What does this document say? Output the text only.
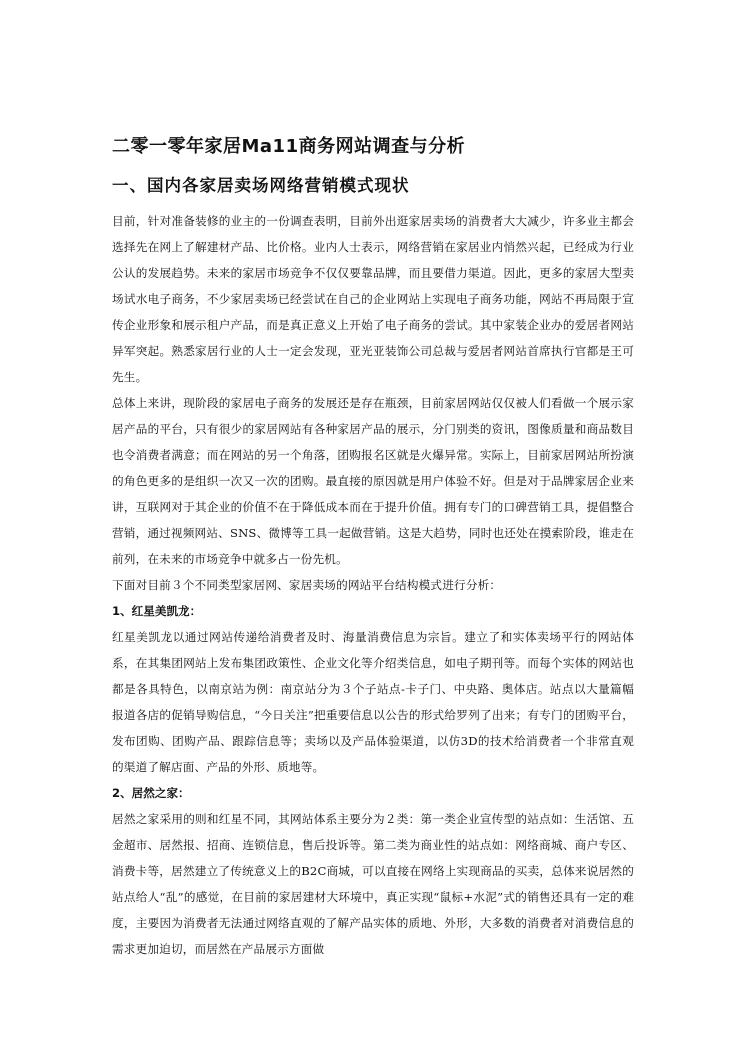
二零一零年家居Ma11商务网站调查与分析
一、国内各家居卖场网络营销模式现状

目前，针对准备装修的业主的一份调查表明，目前外出逛家居卖场的消费者大大减少，许多业主都会选择先在网上了解建材产品、比价格。业内人士表示，网络营销在家居业内悄然兴起，已经成为行业公认的发展趋势。未来的家居市场竞争不仅仅要靠品牌，而且要借力渠道。因此，更多的家居大型卖场试水电子商务，不少家居卖场已经尝试在自己的企业网站上实现电子商务功能，网站不再局限于宣传企业形象和展示租户产品，而是真正意义上开始了电子商务的尝试。其中家装企业办的爱居者网站异军突起。熟悉家居行业的人士一定会发现，亚光亚装饰公司总裁与爱居者网站首席执行官都是王可先生。

总体上来讲，现阶段的家居电子商务的发展还是存在瓶颈，目前家居网站仅仅被人们看做一个展示家居产品的平台，只有很少的家居网站有各种家居产品的展示，分门别类的资讯，图像质量和商品数目也令消费者满意；而在网站的另一个角落，团购报名区就是火爆异常。实际上，目前家居网站所扮演的角色更多的是组织一次又一次的团购。最直接的原因就是用户体验不好。但是对于品牌家居企业来讲，互联网对于其企业的价值不在于降低成本而在于提升价值。拥有专门的口碑营销工具，提倡整合营销，通过视频网站、SNS、微博等工具一起做营销。这是大趋势，同时也还处在摸索阶段，谁走在前列，在未来的市场竞争中就多占一份先机。

下面对目前３个不同类型家居网、家居卖场的网站平台结构模式进行分析：

1、红星美凯龙：

红星美凯龙以通过网站传递给消费者及时、海量消费信息为宗旨。建立了和实体卖场平行的网站体系，在其集团网站上发布集团政策性、企业文化等介绍类信息，如电子期刊等。而每个实体的网站也都是各具特色，以南京站为例：南京站分为３个子站点-卡子门、中央路、奥体店。站点以大量篇幅报道各店的促销导购信息，“今日关注”把重要信息以公告的形式给罗列了出来；有专门的团购平台，发布团购、团购产品、跟踪信息等；卖场以及产品体验渠道，以仿3D的技术给消费者一个非常直观的渠道了解店面、产品的外形、质地等。

2、居然之家：

居然之家采用的则和红星不同，其网站体系主要分为２类：第一类企业宣传型的站点如：生活馆、五金超市、居然报、招商、连锁信息，售后投诉等。第二类为商业性的站点如：网络商城、商户专区、消费卡等，居然建立了传统意义上的B2C商城，可以直接在网络上实现商品的买卖，总体来说居然的站点给人“乱”的感觉，在目前的家居建材大环境中，真正实现“鼠标+水泥”式的销售还具有一定的难度，主要因为消费者无法通过网络直观的了解产品实体的质地、外形，大多数的消费者对消费信息的需求更加迫切，而居然在产品展示方面做
